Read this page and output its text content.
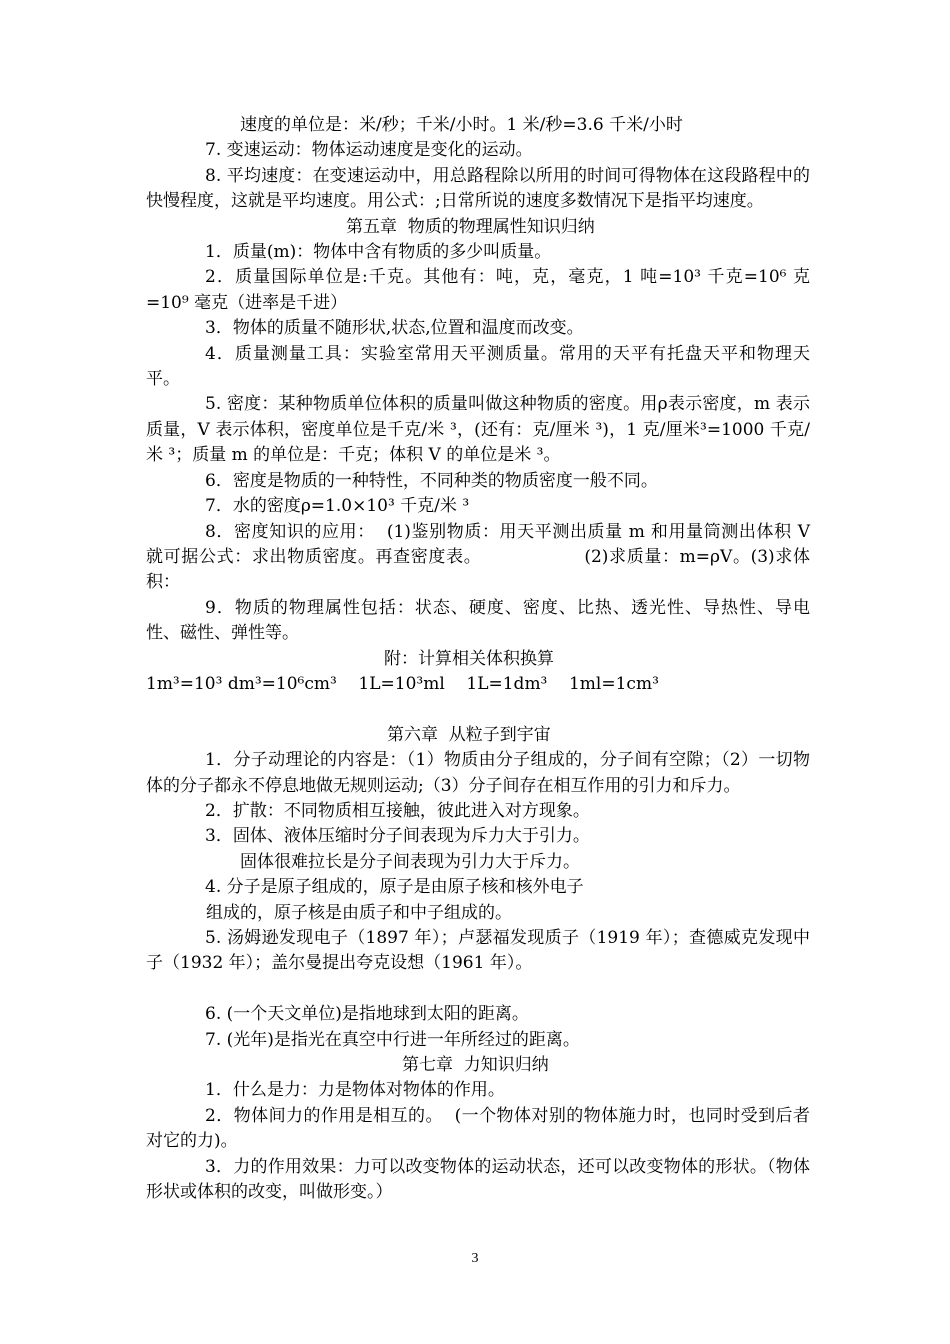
速度的单位是：米/秒；千米/小时。1 米/秒=3.6 千米/小时

7. 变速运动：物体运动速度是变化的运动。

8. 平均速度：在变速运动中，用总路程除以所用的时间可得物体在这段路程中的快慢程度，这就是平均速度。用公式：;日常所说的速度多数情况下是指平均速度。

第五章  物质的物理属性知识归纳

1．质量(m)：物体中含有物质的多少叫质量。

2．质量国际单位是:千克。其他有：吨，克，毫克，1 吨=10³ 千克=10⁶ 克=10⁹ 毫克（进率是千进）

3．物体的质量不随形状,状态,位置和温度而改变。

4．质量测量工具：实验室常用天平测质量。常用的天平有托盘天平和物理天平。

5. 密度：某种物质单位体积的质量叫做这种物质的密度。用ρ表示密度，m 表示质量，V 表示体积，密度单位是千克/米 ³，(还有：克/厘米 ³)，1 克/厘米³=1000 千克/米 ³；质量 m 的单位是：千克；体积 V 的单位是米 ³。

6．密度是物质的一种特性，不同种类的物质密度一般不同。

7．水的密度ρ=1.0×10³ 千克/米 ³

8．密度知识的应用：  (1)鉴别物质：用天平测出质量 m 和用量筒测出体积 V 就可据公式：求出物质密度。再查密度表。                 (2)求质量：m=ρV。(3)求体积：

9．物质的物理属性包括：状态、硬度、密度、比热、透光性、导热性、导电性、磁性、弹性等。

附：计算相关体积换算

1m³=10³ dm³=10⁶cm³    1L=10³ml    1L=1dm³    1ml=1cm³

第六章  从粒子到宇宙

1．分子动理论的内容是：（1）物质由分子组成的，分子间有空隙；（2）一切物体的分子都永不停息地做无规则运动;（3）分子间存在相互作用的引力和斥力。

2．扩散：不同物质相互接触，彼此进入对方现象。

3．固体、液体压缩时分子间表现为斥力大于引力。

固体很难拉长是分子间表现为引力大于斥力。

4. 分子是原子组成的，原子是由原子核和核外电子

组成的，原子核是由质子和中子组成的。

5. 汤姆逊发现电子（1897 年）；卢瑟福发现质子（1919 年）；查德威克发现中子（1932 年）；盖尔曼提出夸克设想（1961 年）。

6. (一个天文单位)是指地球到太阳的距离。

7. (光年)是指光在真空中行进一年所经过的距离。

第七章  力知识归纳

1．什么是力：力是物体对物体的作用。

2．物体间力的作用是相互的。  (一个物体对别的物体施力时，也同时受到后者对它的力)。

3．力的作用效果：力可以改变物体的运动状态，还可以改变物体的形状。（物体形状或体积的改变，叫做形变。）

3
